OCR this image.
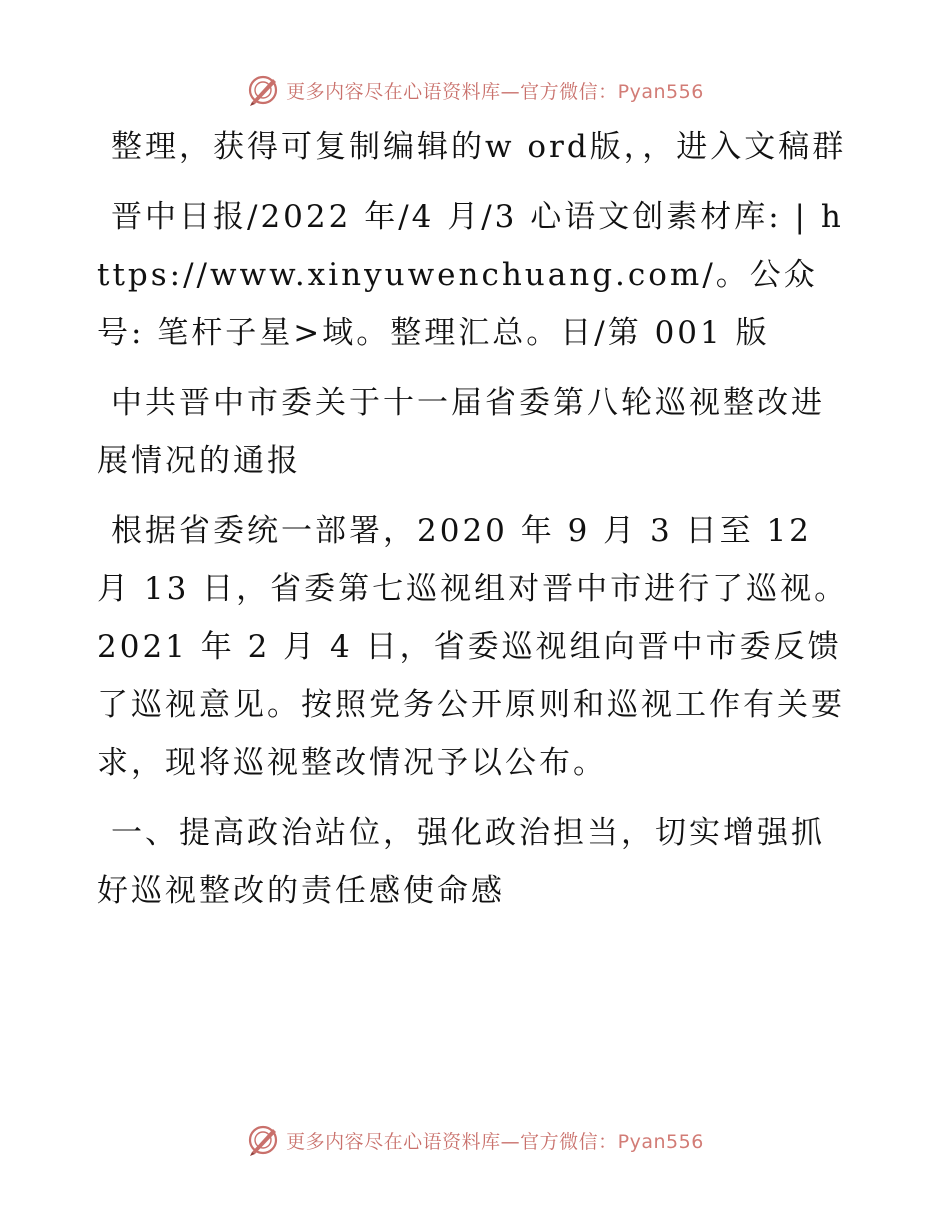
更多内容尽在心语资料库—官方微信：Pyan556

整理，获得可复制编辑的w ord版，，进入文稿群

晋中日报/2022 年/4 月/3 心语文创素材库: | https://www.xinyuwenchuang.com/。公众号: 笔杆子星>域。整理汇总。日/第 001 版

中共晋中市委关于十一届省委第八轮巡视整改进展情况的通报

根据省委统一部署，2020 年 9 月 3 日至 12 月 13 日，省委第七巡视组对晋中市进行了巡视。2021 年 2 月 4 日，省委巡视组向晋中市委反馈了巡视意见。按照党务公开原则和巡视工作有关要求，现将巡视整改情况予以公布。

一、提高政治站位，强化政治担当，切实增强抓好巡视整改的责任感使命感

更多内容尽在心语资料库—官方微信：Pyan556
